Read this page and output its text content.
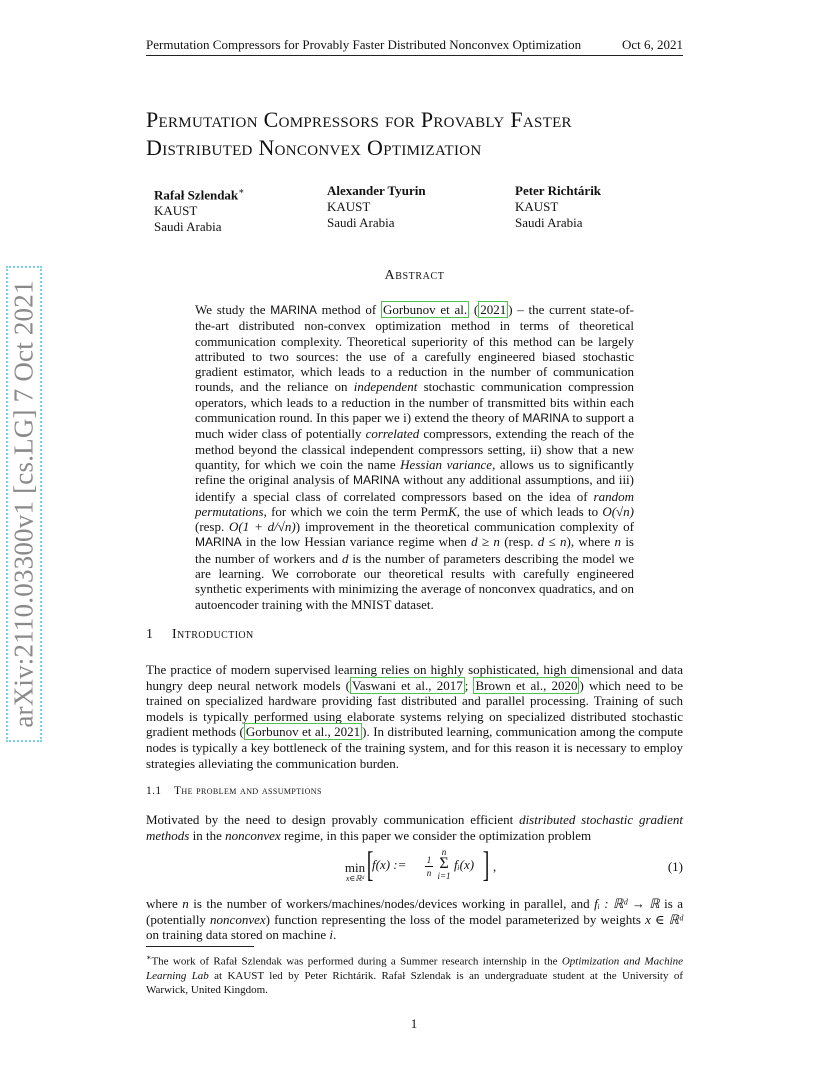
Permutation Compressors for Provably Faster Distributed Nonconvex Optimization	Oct 6, 2021
arXiv:2110.03300v1 [cs.LG] 7 Oct 2021
Permutation Compressors for Provably Faster
Distributed Nonconvex Optimization
Rafał Szlendak∗
KAUST
Saudi Arabia
Alexander Tyurin
KAUST
Saudi Arabia
Peter Richtárik
KAUST
Saudi Arabia
Abstract
We study the MARINA method of Gorbunov et al. ( 2021 ) – the current state-of-the-art distributed non-convex optimization method in terms of theoretical communication complexity. Theoretical superiority of this method can be largely attributed to two sources: the use of a carefully engineered biased stochastic gradient estimator, which leads to a reduction in the number of communication rounds, and the reliance on independent stochastic communication compression operators, which leads to a reduction in the number of transmitted bits within each communication round. In this paper we i) extend the theory of MARINA to support a much wider class of potentially correlated compressors, extending the reach of the method beyond the classical independent compressors setting, ii) show that a new quantity, for which we coin the name Hessian variance, allows us to significantly refine the original analysis of MARINA without any additional assumptions, and iii) identify a special class of correlated compressors based on the idea of random permutations, for which we coin the term PermK, the use of which leads to O(√n) (resp. O(1 + d/√n)) improvement in the theoretical communication complexity of MARINA in the low Hessian variance regime when d ≥ n (resp. d ≤ n), where n is the number of workers and d is the number of parameters describing the model we are learning. We corroborate our theoretical results with carefully engineered synthetic experiments with minimizing the average of nonconvex quadratics, and on autoencoder training with the MNIST dataset.
1 Introduction
The practice of modern supervised learning relies on highly sophisticated, high dimensional and data hungry deep neural network models ( Vaswani et al., 2017 ; Brown et al., 2020 ) which need to be trained on specialized hardware providing fast distributed and parallel processing. Training of such models is typically performed using elaborate systems relying on specialized distributed stochastic gradient methods ( Gorbunov et al., 2021 ). In distributed learning, communication among the compute nodes is typically a key bottleneck of the training system, and for this reason it is necessary to employ strategies alleviating the communication burden.
1.1 The problem and assumptions
Motivated by the need to design provably communication efficient distributed stochastic gradient methods in the nonconvex regime, in this paper we consider the optimization problem
min
x∈ℝᵈ [
f(x) := 1
n
n
Σ
i=1
fᵢ(x) ] ,	(1)
where n is the number of workers/machines/nodes/devices working in parallel, and fᵢ : ℝᵈ → ℝ is a (potentially nonconvex) function representing the loss of the model parameterized by weights x ∈ ℝᵈ on training data stored on machine i.
∗The work of Rafał Szlendak was performed during a Summer research internship in the Optimization and Machine Learning Lab at KAUST led by Peter Richtárik. Rafał Szlendak is an undergraduate student at the University of Warwick, United Kingdom.
1
